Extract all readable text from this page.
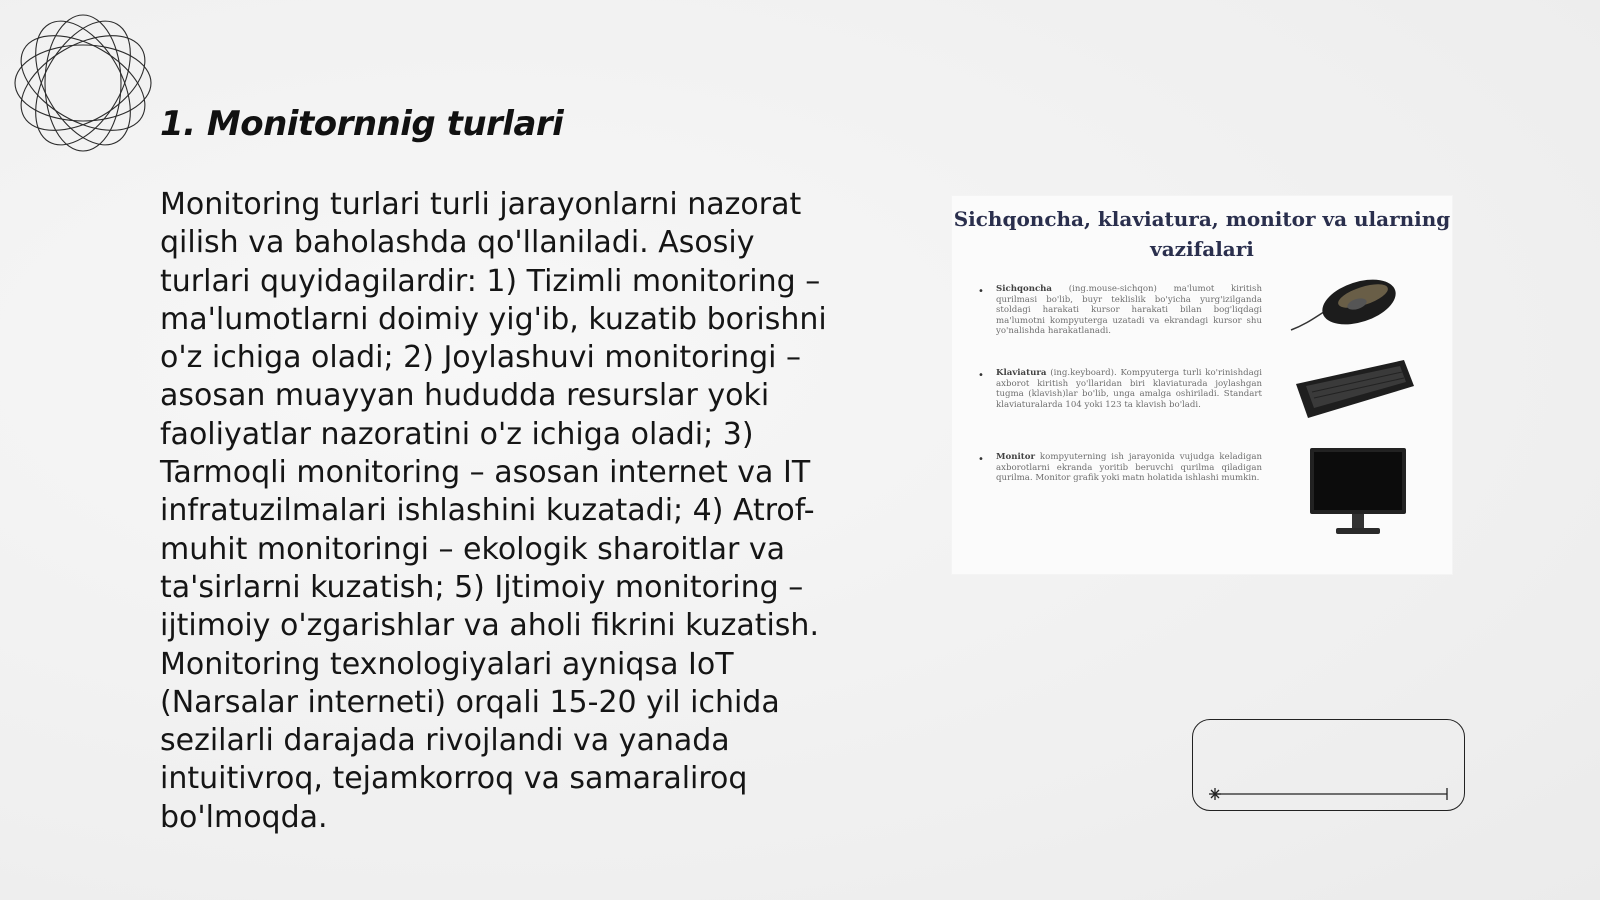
1. Monitornnig turlari
Monitoring turlari turli jarayonlarni nazorat qilish va baholashda qo'llaniladi. Asosiy turlari quyidagilardir: 1) Tizimli monitoring – ma'lumotlarni doimiy yig'ib, kuzatib borishni o'z ichiga oladi; 2) Joylashuvi monitoringi – asosan muayyan hududda resurslar yoki faoliyatlar nazoratini o'z ichiga oladi; 3) Tarmoqli monitoring – asosan internet va IT infratuzilmalari ishlashini kuzatadi; 4) Atrof-muhit monitoringi – ekologik sharoitlar va ta'sirlarni kuzatish; 5) Ijtimoiy monitoring – ijtimoiy o'zgarishlar va aholi fikrini kuzatish. Monitoring texnologiyalari ayniqsa IoT (Narsalar interneti) orqali 15-20 yil ichida sezilarli darajada rivojlandi va yanada intuitivroq, tejamkorroq va samaraliroq bo'lmoqda.
Sichqoncha, klaviatura, monitor va ularning vazifalari
• Sichqoncha (ing.mouse-sichqon) ma'lumot kiritish qurilmasi bo'lib, buyr teklislik bo'yicha yurg'izilganda stoldagi harakati kursor harakati bilan bog'liqdagi ma'lumotni kompyuterga uzatadi va ekrandagi kursor shu yo'nalishda harakatlanadi.
• Klaviatura (ing.keyboard). Kompyuterga turli ko'rinishdagi axborot kiritish yo'llaridan biri klaviaturada joylashgan tugma (klavish)lar bo'lib, unga amalga oshiriladi. Standart klaviaturalarda 104 yoki 123 ta klavish bo'ladi.
• Monitor kompyuterning ish jarayonida vujudga keladigan axborotlarni ekranda yoritib beruvchi qurilma qiladigan qurilma. Monitor grafik yoki matn holatida ishlashi mumkin.
